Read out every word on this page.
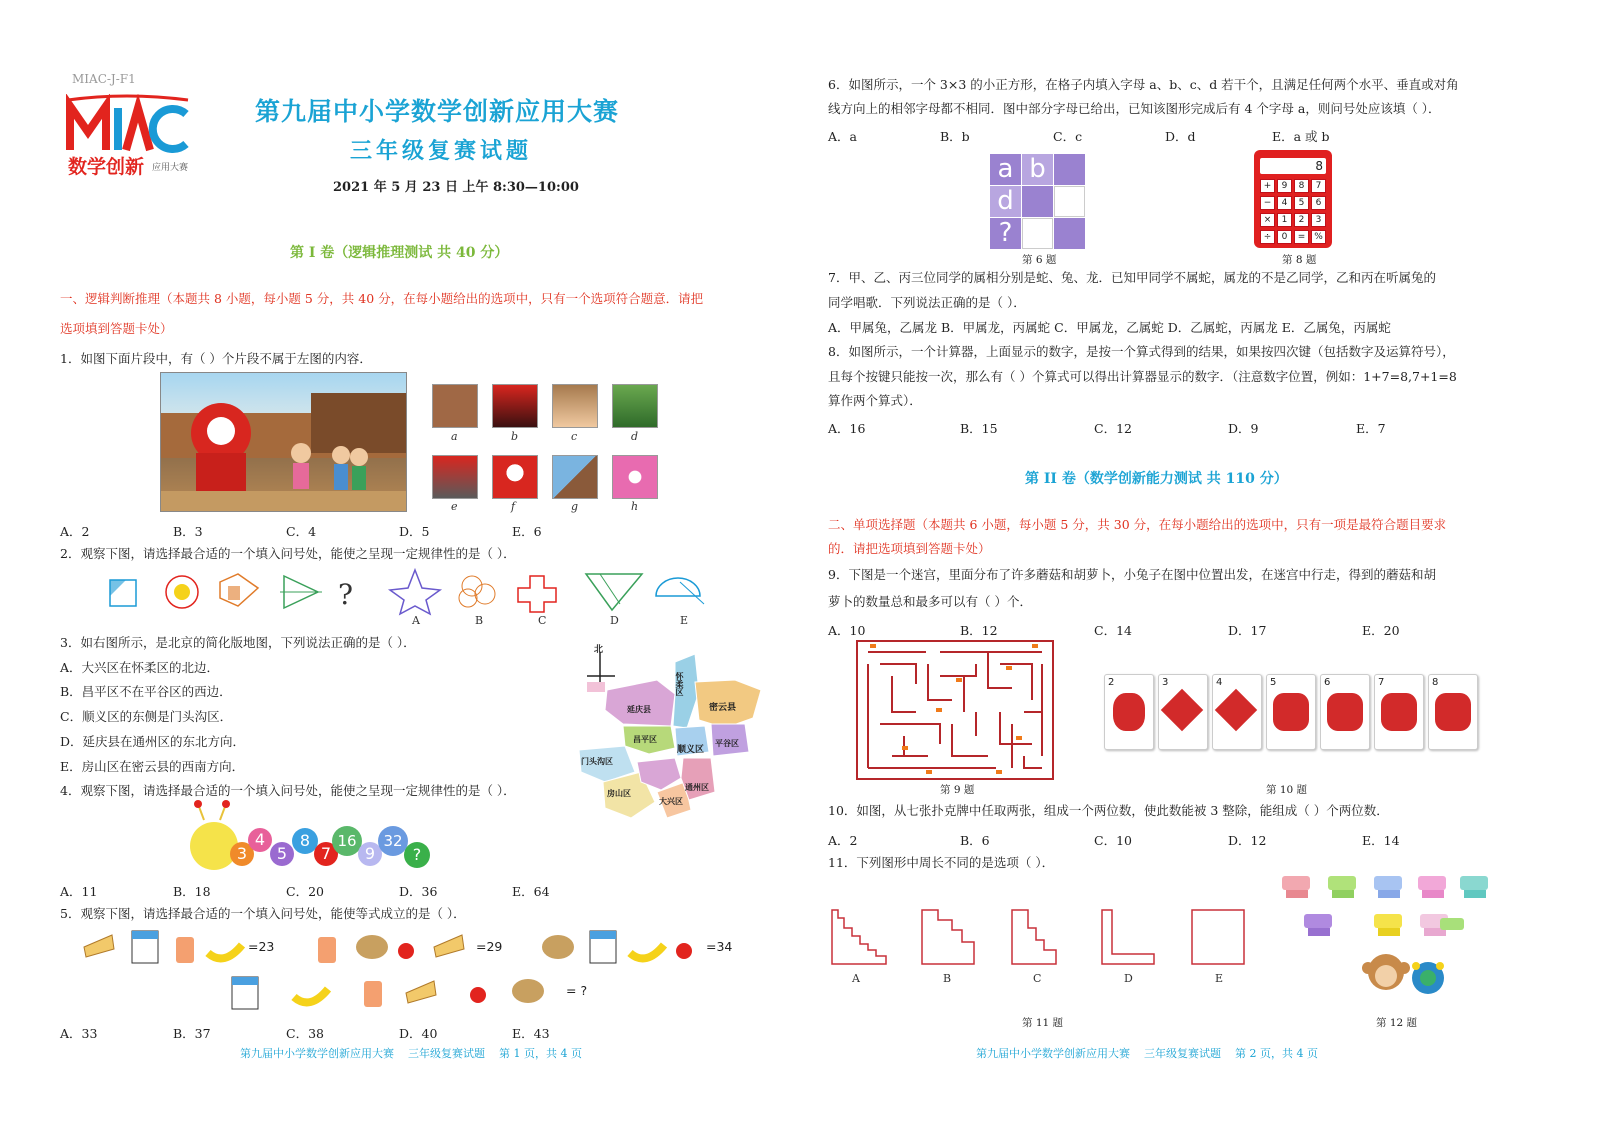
MIAC-J-F1
数学创新 应用大赛
第九届中小学数学创新应用大赛
三年级复赛试题
2021 年 5 月 23 日 上午 8:30—10:00
第 I 卷（逻辑推理测试 共 40 分）
一、逻辑判断推理（本题共 8 小题，每小题 5 分，共 40 分，在每小题给出的选项中，只有一个选项符合题意．请把
选项填到答题卡处）
1．如图下面片段中，有（ ）个片段不属于左图的内容．
a	b	c	d
e	f	g	h
A．2	B．3	C．4	D．5	E．6
2．观察下图，请选择最合适的一个填入问号处，能使之呈现一定规律性的是（ ）．
?
A	B	C	D	E
3．如右图所示，是北京的简化版地图，下列说法正确的是（ ）．
A．大兴区在怀柔区的北边．
B．昌平区不在平谷区的西边．
C．顺义区的东侧是门头沟区．
D．延庆县在通州区的东北方向．
E．房山区在密云县的西南方向．
北
延庆县
怀柔区
密云县
昌平区
顺义区
平谷区
门头沟区
房山区
大兴区
通州区
4．观察下图，请选择最合适的一个填入问号处，能使之呈现一定规律性的是（ ）．
3
4
5
8
7
16
9
32
?
A．11	B．18	C．20	D．36	E．64
5．观察下图，请选择最合适的一个填入问号处，能使等式成立的是（ ）．
=23	=29	=34
= ?
A．33	B．37	C．38	D．40	E．43
第九届中小学数学创新应用大赛    三年级复赛试题    第 1 页，共 4 页
6．如图所示，一个 3×3 的小正方形，在格子内填入字母 a、b、c、d 若干个，且满足任何两个水平、垂直或对角
线方向上的相邻字母都不相同．图中部分字母已给出，已知该图形完成后有 4 个字母 a，则问号处应该填（ ）．
A．a	B．b	C．c	D．d	E．a 或 b
a b
d
?
第 6 题
8
+	9	8	7
−	4	5	6
×	1	2	3
÷	0	= %
第 8 题
7．甲、乙、丙三位同学的属相分别是蛇、兔、龙．已知甲同学不属蛇，属龙的不是乙同学，乙和丙在听属兔的
同学唱歌．下列说法正确的是（ ）．
A．甲属兔，乙属龙 B．甲属龙，丙属蛇 C．甲属龙，乙属蛇 D．乙属蛇，丙属龙 E．乙属兔，丙属蛇
8．如图所示，一个计算器，上面显示的数字，是按一个算式得到的结果，如果按四次键（包括数字及运算符号），
且每个按键只能按一次，那么有（ ）个算式可以得出计算器显示的数字．（注意数字位置，例如：1+7=8,7+1=8
算作两个算式）．
A．16	B．15	C．12	D．9	E．7
第 II 卷（数学创新能力测试 共 110 分）
二、单项选择题（本题共 6 小题，每小题 5 分，共 30 分，在每小题给出的选项中，只有一项是最符合题目要求
的．请把选项填到答题卡处）
9．下图是一个迷宫，里面分布了许多蘑菇和胡萝卜，小兔子在图中位置出发，在迷宫中行走，得到的蘑菇和胡
萝卜的数量总和最多可以有（ ）个．
A．10	B．12	C．14	D．17	E．20
第 9 题
2	3	4	5	6	7	8
第 10 题
10．如图，从七张扑克牌中任取两张，组成一个两位数，使此数能被 3 整除，能组成（ ）个两位数．
A．2	B．6	C．10	D．12	E．14
11．下列图形中周长不同的是选项（ ）．
A	B	C	D	E
第 11 题	第 12 题
第九届中小学数学创新应用大赛    三年级复赛试题    第 2 页，共 4 页
